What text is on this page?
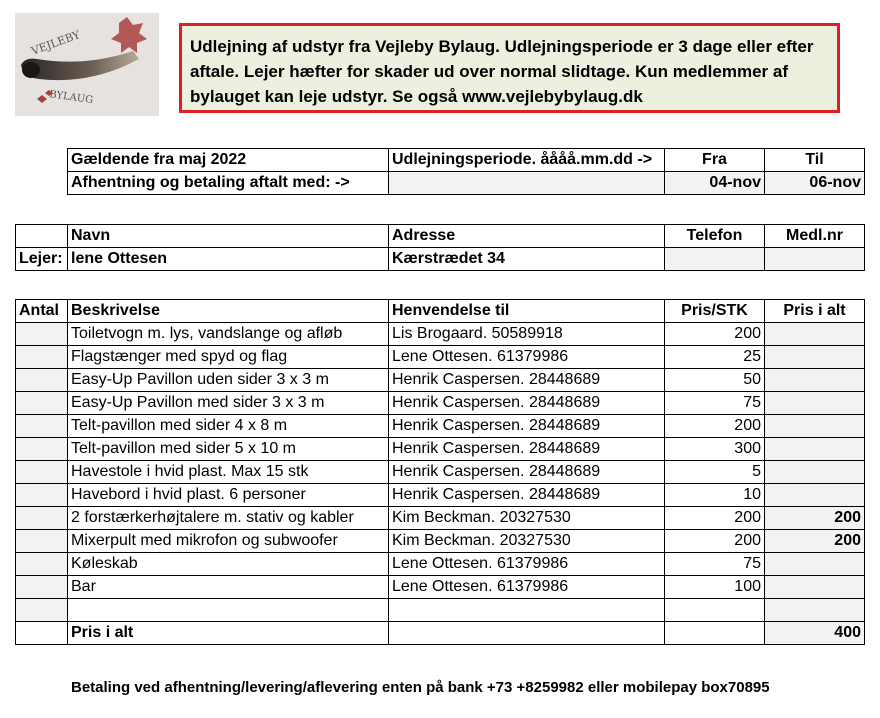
VEJLEBY
BYLAUG
Udlejning af udstyr fra Vejleby Bylaug. Udlejningsperiode er 3 dage eller efter aftale. Lejer hæfter for skader ud over normal slidtage. Kun medlemmer af bylauget kan leje udstyr. Se også www.vejlebybylaug.dk
Gældende fra maj 2022	Udlejningsperiode. åååå.mm.dd ->	Fra	Til
Afhentning og betaling aftalt med: ->		04-nov	06-nov
	Navn	Adresse	Telefon	Medl.nr
Lejer:	lene Ottesen	Kærstrædet 34		
Antal	Beskrivelse	Henvendelse til	Pris/STK	Pris i alt
	Toiletvogn m. lys, vandslange og afløb	Lis Brogaard. 50589918	200	
	Flagstænger med spyd og flag	Lene Ottesen. 61379986	25	
	Easy-Up Pavillon uden sider 3 x 3 m	Henrik Caspersen. 28448689	50	
	Easy-Up Pavillon med sider 3 x 3 m	Henrik Caspersen. 28448689	75	
	Telt-pavillon med sider 4 x 8 m	Henrik Caspersen. 28448689	200	
	Telt-pavillon med sider 5 x 10 m	Henrik Caspersen. 28448689	300	
	Havestole i hvid plast. Max 15 stk	Henrik Caspersen. 28448689	5	
	Havebord i hvid plast. 6 personer	Henrik Caspersen. 28448689	10	
	2 forstærkerhøjtalere m. stativ og kabler	Kim Beckman. 20327530	200	200
	Mixerpult med mikrofon og subwoofer	Kim Beckman. 20327530	200	200
	Køleskab	Lene Ottesen. 61379986	75	
	Bar	Lene Ottesen. 61379986	100	

	Pris i alt			400
Betaling ved afhentning/levering/aflevering enten på bank +73 +8259982 eller mobilepay box70895
